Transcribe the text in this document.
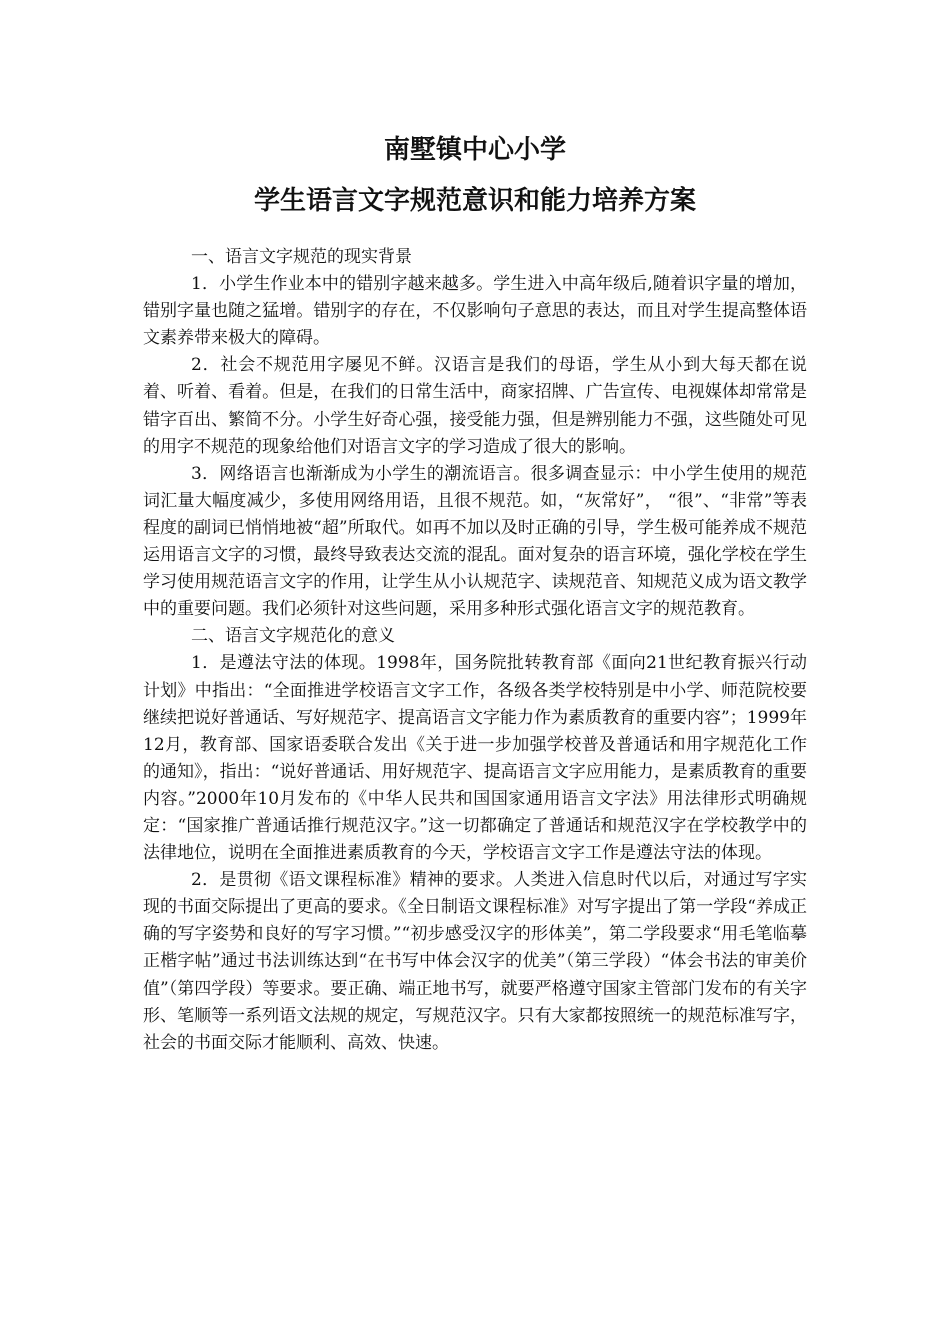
南墅镇中心小学
学生语言文字规范意识和能力培养方案

一、语言文字规范的现实背景

1．小学生作业本中的错别字越来越多。学生进入中高年级后,随着识字量的增加，错别字量也随之猛增。错别字的存在，不仅影响句子意思的表达，而且对学生提高整体语文素养带来极大的障碍。

2．社会不规范用字屡见不鲜。汉语言是我们的母语，学生从小到大每天都在说着、听着、看着。但是，在我们的日常生活中，商家招牌、广告宣传、电视媒体却常常是错字百出、繁简不分。小学生好奇心强，接受能力强，但是辨别能力不强，这些随处可见的用字不规范的现象给他们对语言文字的学习造成了很大的影响。

3．网络语言也渐渐成为小学生的潮流语言。很多调查显示：中小学生使用的规范词汇量大幅度减少，多使用网络用语，且很不规范。如，“灰常好”， “很”、“非常”等表程度的副词已悄悄地被“超”所取代。如再不加以及时正确的引导，学生极可能养成不规范运用语言文字的习惯，最终导致表达交流的混乱。面对复杂的语言环境，强化学校在学生学习使用规范语言文字的作用，让学生从小认规范字、读规范音、知规范义成为语文教学中的重要问题。我们必须针对这些问题，采用多种形式强化语言文字的规范教育。

二、语言文字规范化的意义

1．是遵法守法的体现。1998年，国务院批转教育部《面向21世纪教育振兴行动计划》中指出：“全面推进学校语言文字工作，各级各类学校特别是中小学、师范院校要继续把说好普通话、写好规范字、提高语言文字能力作为素质教育的重要内容”；1999年12月，教育部、国家语委联合发出《关于进一步加强学校普及普通话和用字规范化工作的通知》，指出：“说好普通话、用好规范字、提高语言文字应用能力，是素质教育的重要内容。”2000年10月发布的《中华人民共和国国家通用语言文字法》用法律形式明确规定：“国家推广普通话推行规范汉字。”这一切都确定了普通话和规范汉字在学校教学中的法律地位，说明在全面推进素质教育的今天，学校语言文字工作是遵法守法的体现。

2．是贯彻《语文课程标准》精神的要求。人类进入信息时代以后，对通过写字实现的书面交际提出了更高的要求。《全日制语文课程标准》对写字提出了第一学段“养成正确的写字姿势和良好的写字习惯。”“初步感受汉字的形体美”，第二学段要求“用毛笔临摹正楷字帖”通过书法训练达到“在书写中体会汉字的优美”（第三学段）“体会书法的审美价值”（第四学段）等要求。要正确、端正地书写，就要严格遵守国家主管部门发布的有关字形、笔顺等一系列语文法规的规定，写规范汉字。只有大家都按照统一的规范标准写字，社会的书面交际才能顺利、高效、快速。
